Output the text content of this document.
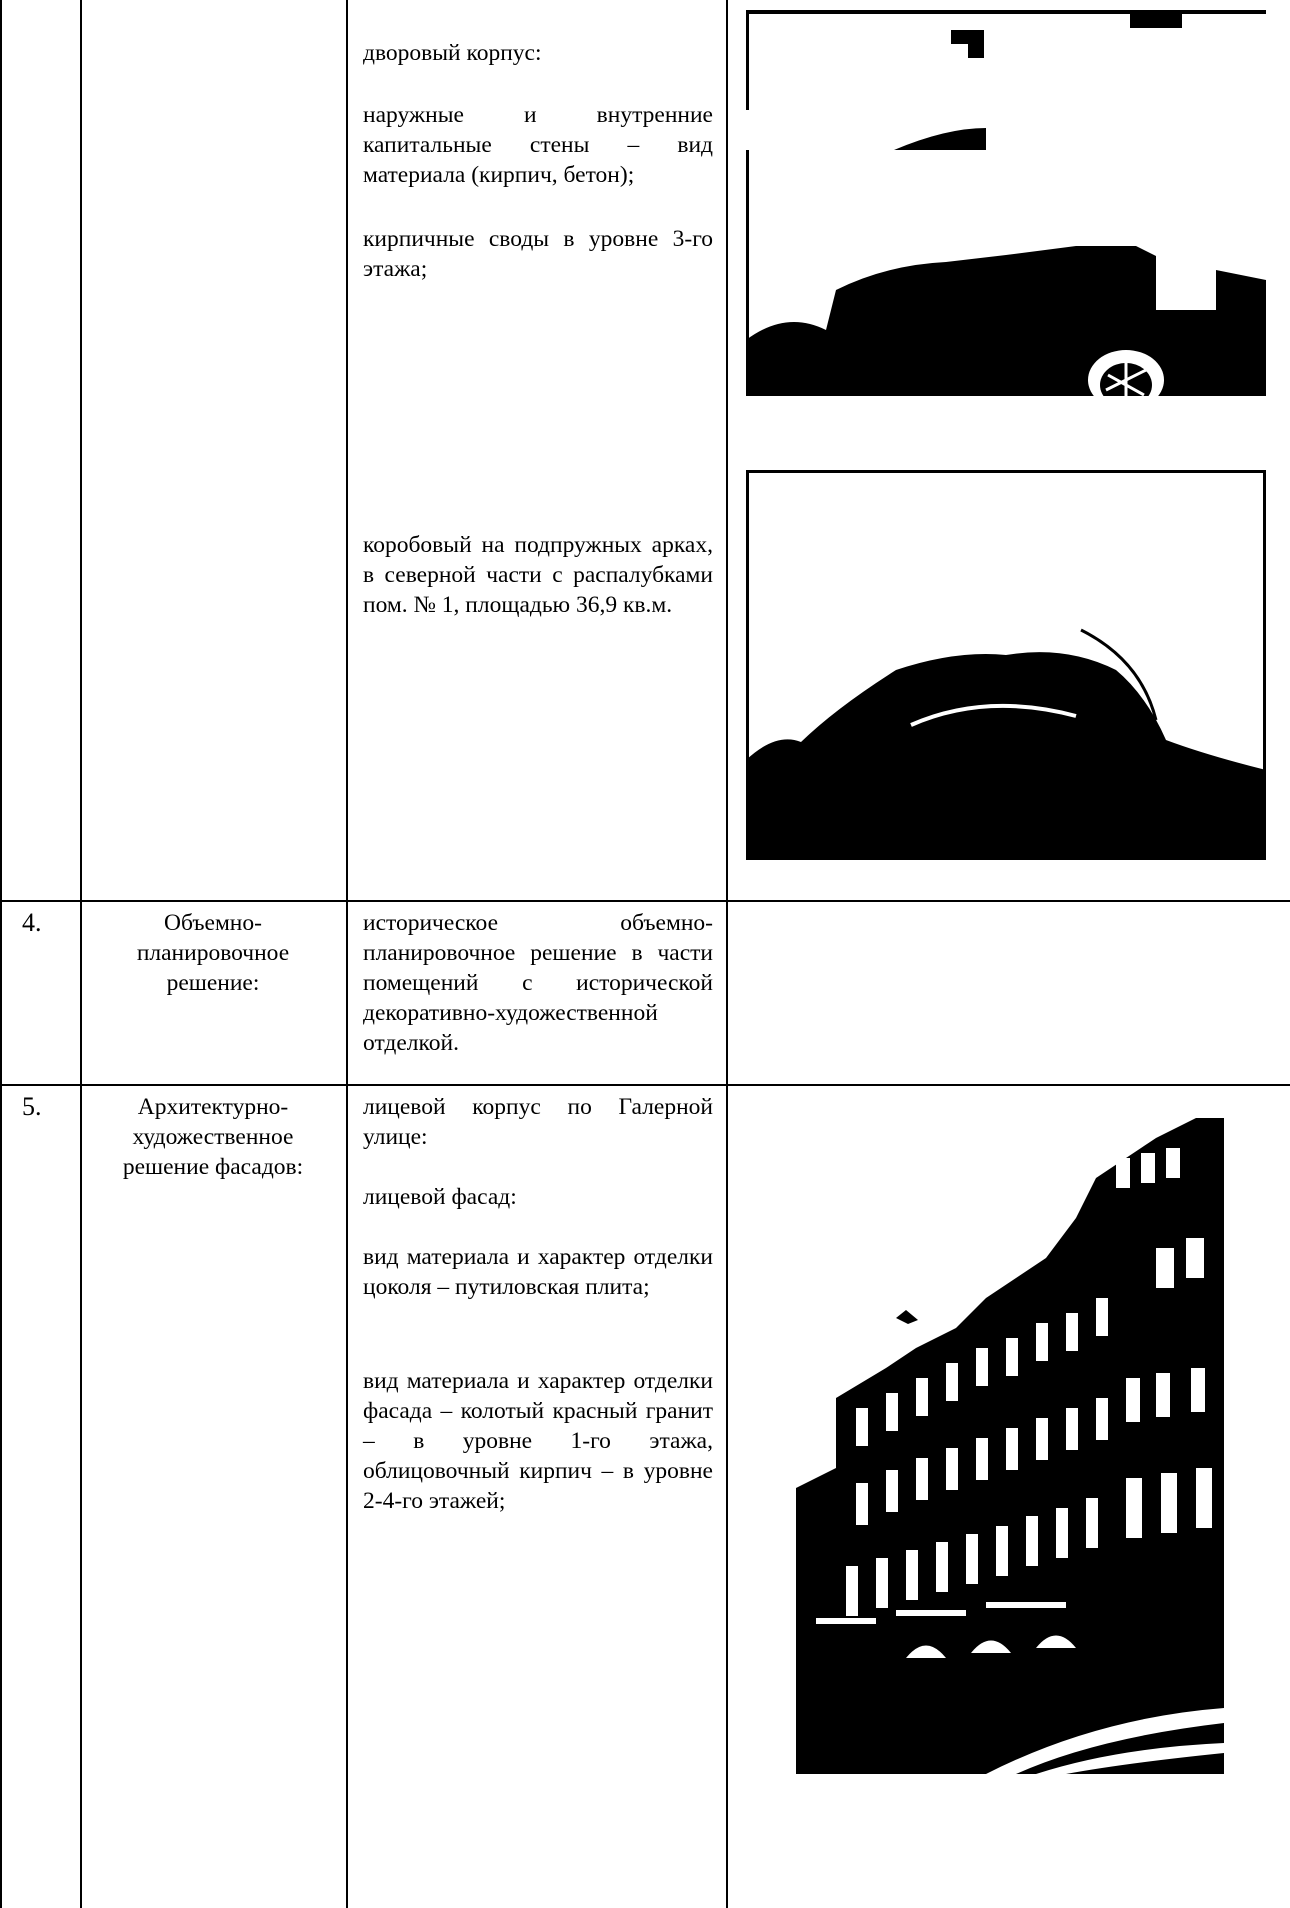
дворовый корпус:

наружные и внутренние капитальные стены – вид материала (кирпич, бетон);

кирпичные своды в уровне 3-го этажа;

коробовый на подпружных арках, в северной части с распалубками пом. № 1, площадью 36,9 кв.м.

4.	Объемно-планировочное решение:

историческое объемно-планировочное решение в части помещений с исторической декоративно-художественной отделкой.

5.	Архитектурно-художественное решение фасадов:

лицевой корпус по Галерной улице:

лицевой фасад:

вид материала и характер отделки цоколя – путиловская плита;

вид материала и характер отделки фасада – колотый красный гранит – в уровне 1-го этажа, облицовочный кирпич – в уровне 2-4-го этажей;
